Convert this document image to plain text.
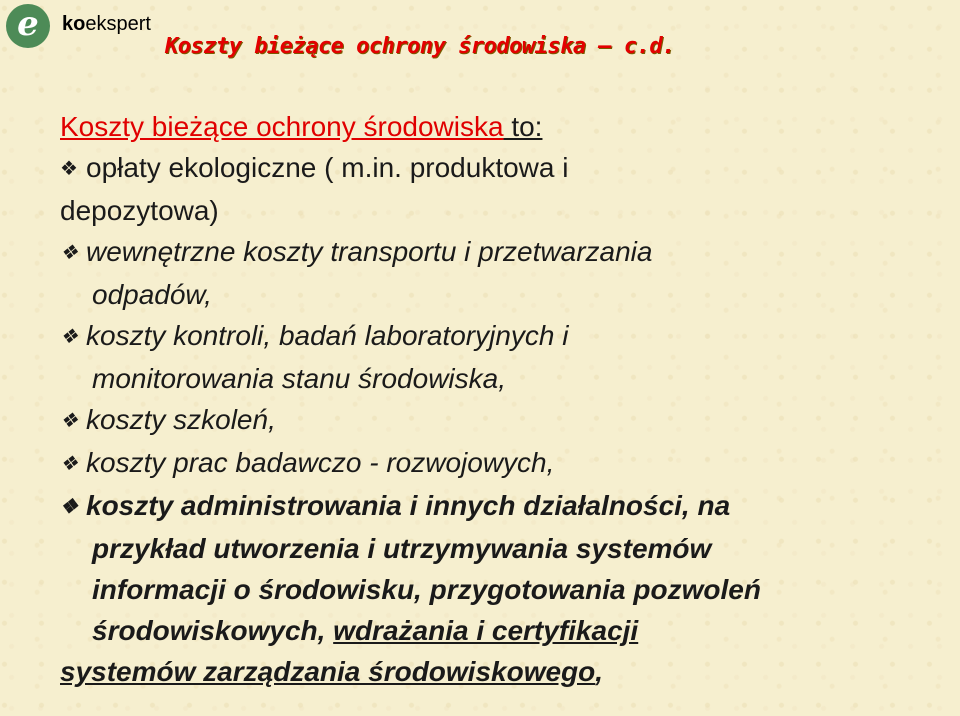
e koekspert
Koszty bieżące ochrony środowiska – c.d.
Koszty bieżące ochrony środowiska to:
❖ opłaty ekologiczne ( m.in. produktowa i
depozytowa)
❖ wewnętrzne koszty transportu i przetwarzania
odpadów,
❖ koszty kontroli, badań laboratoryjnych i
monitorowania stanu środowiska,
❖ koszty szkoleń,
❖ koszty prac badawczo - rozwojowych,
❖ koszty administrowania i innych działalności, na
przykład utworzenia i utrzymywania systemów
informacji o środowisku, przygotowania pozwoleń
środowiskowych, wdrażania i certyfikacji
systemów zarządzania środowiskowego,
